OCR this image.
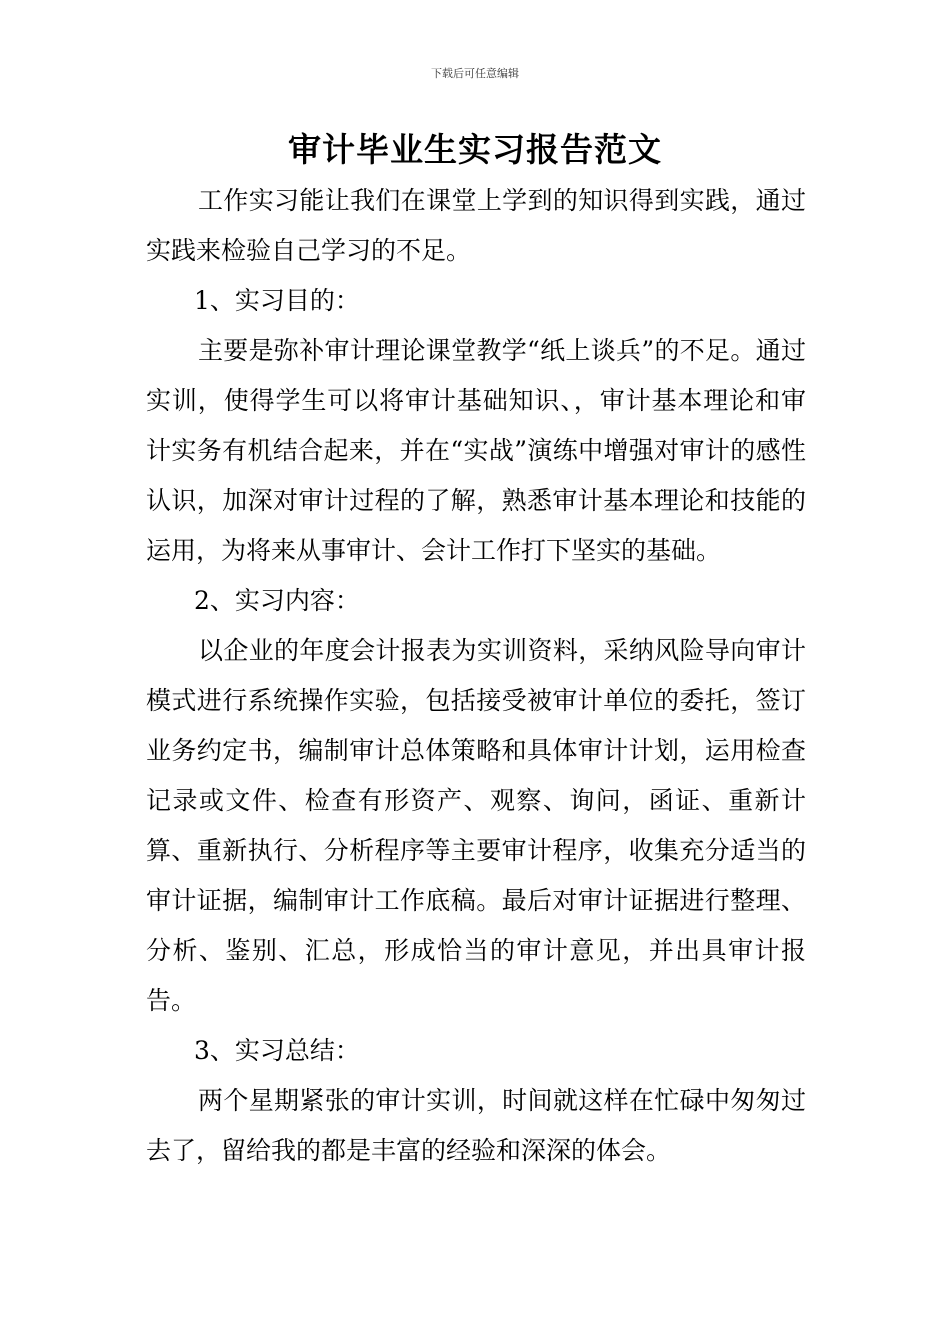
下载后可任意编辑
审计毕业生实习报告范文

工作实习能让我们在课堂上学到的知识得到实践，通过实践来检验自己学习的不足。

1、实习目的：

主要是弥补审计理论课堂教学“纸上谈兵”的不足。通过实训，使得学生可以将审计基础知识、，审计基本理论和审计实务有机结合起来，并在“实战”演练中增强对审计的感性认识，加深对审计过程的了解，熟悉审计基本理论和技能的运用，为将来从事审计、会计工作打下坚实的基础。

2、实习内容：

以企业的年度会计报表为实训资料，采纳风险导向审计模式进行系统操作实验，包括接受被审计单位的委托，签订业务约定书，编制审计总体策略和具体审计计划，运用检查记录或文件、检查有形资产、观察、询问，函证、重新计算、重新执行、分析程序等主要审计程序，收集充分适当的审计证据，编制审计工作底稿。最后对审计证据进行整理、分析、鉴别、汇总，形成恰当的审计意见，并出具审计报告。

3、实习总结：

两个星期紧张的审计实训，时间就这样在忙碌中匆匆过去了，留给我的都是丰富的经验和深深的体会。
